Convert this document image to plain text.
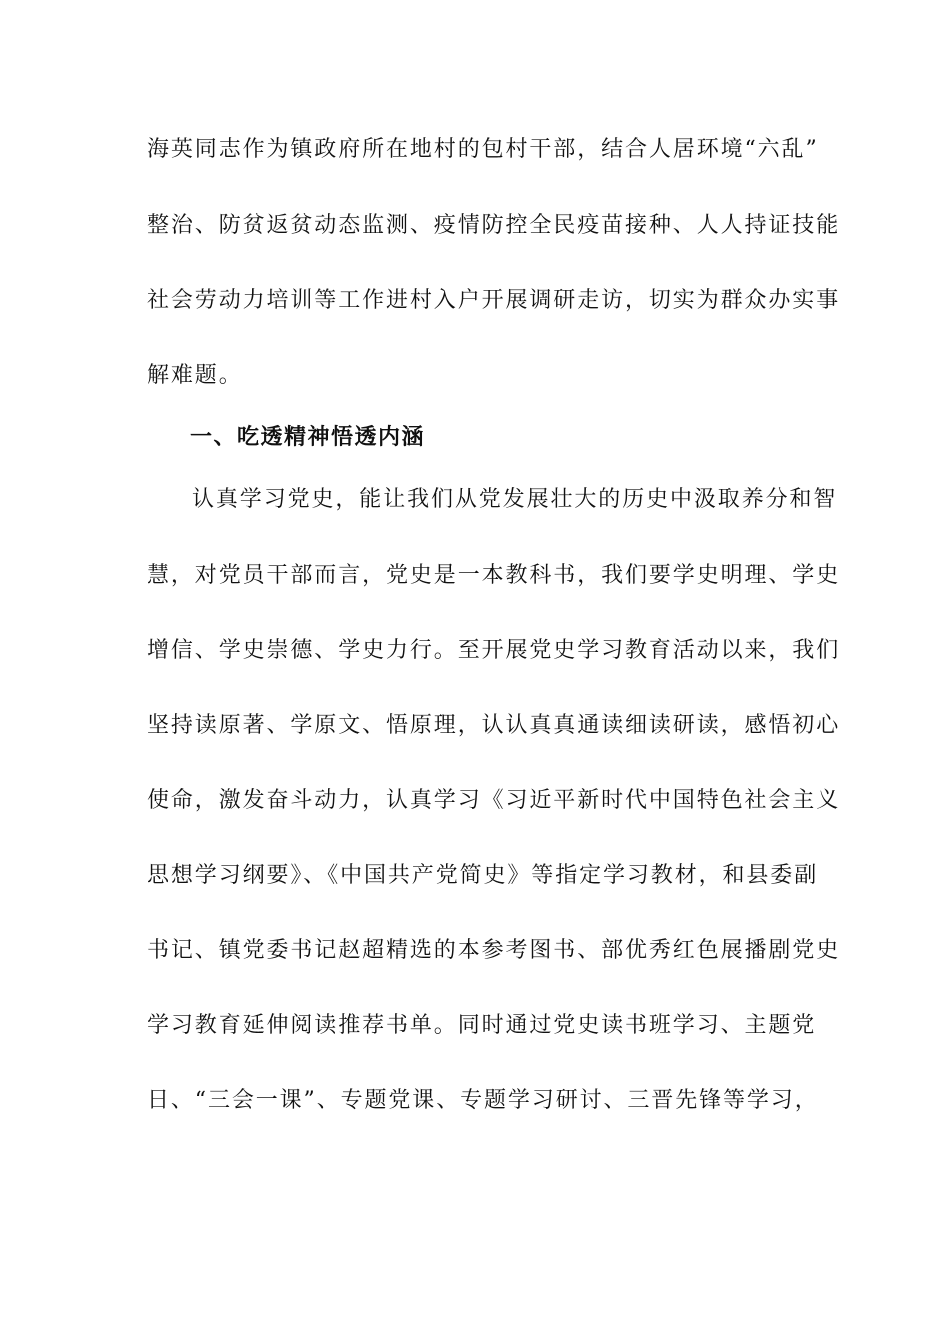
海英同志作为镇政府所在地村的包村干部，结合人居环境“六乱”
整治、防贫返贫动态监测、疫情防控全民疫苗接种、人人持证技能
社会劳动力培训等工作进村入户开展调研走访，切实为群众办实事
解难题。
一、吃透精神悟透内涵
认真学习党史，能让我们从党发展壮大的历史中汲取养分和智
慧，对党员干部而言，党史是一本教科书，我们要学史明理、学史
增信、学史崇德、学史力行。至开展党史学习教育活动以来，我们
坚持读原著、学原文、悟原理，认认真真通读细读研读，感悟初心
使命，激发奋斗动力，认真学习《习近平新时代中国特色社会主义
思想学习纲要》、《中国共产党简史》等指定学习教材，和县委副
书记、镇党委书记赵超精选的本参考图书、部优秀红色展播剧党史
学习教育延伸阅读推荐书单。同时通过党史读书班学习、主题党
日、“三会一课”、专题党课、专题学习研讨、三晋先锋等学习，
